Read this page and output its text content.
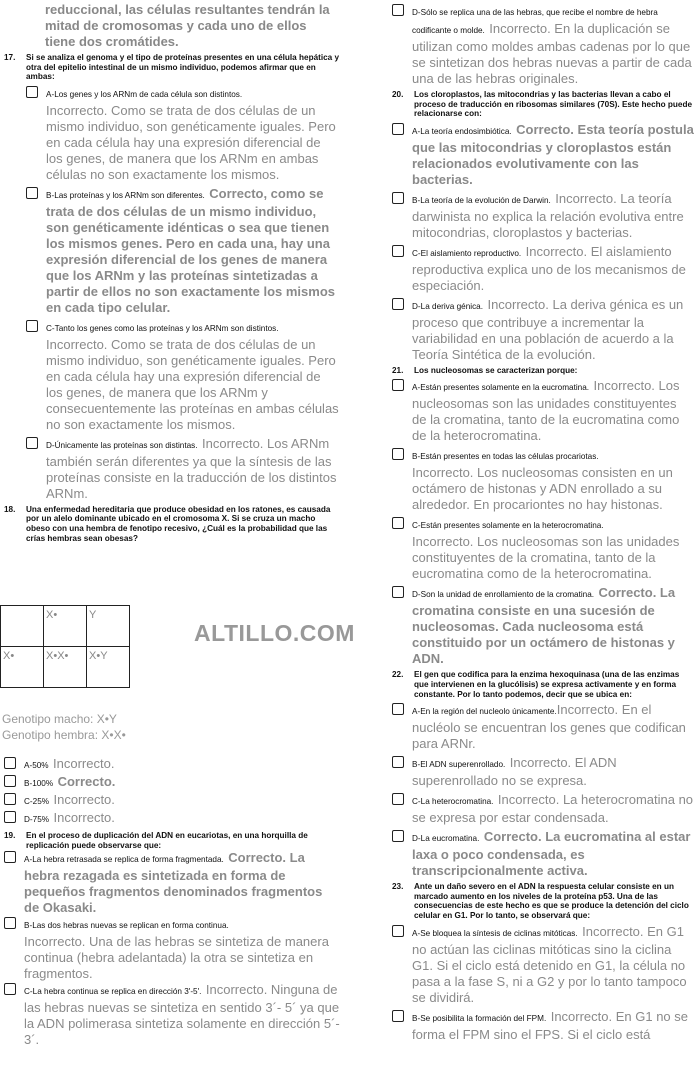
reduccional, las células resultantes tendrán la mitad de cromosomas y cada uno de ellos tiene dos cromátides.
17.	Si se analiza el genoma y el tipo de proteínas presentes en una célula hepática y otra del epitelio intestinal de un mismo individuo, podemos afirmar que en ambas:
A-Los genes y los ARNm de cada célula son distintos.
Incorrecto. Como se trata de dos células de un mismo individuo, son genéticamente iguales. Pero en cada célula hay una expresión diferencial de los genes, de manera que los ARNm en ambas células no son exactamente los mismos.
B-Las proteínas y los ARNm son diferentes. Correcto, como se trata de dos células de un mismo individuo, son genéticamente idénticas o sea que tienen los mismos genes. Pero en cada una, hay una expresión diferencial de los genes de manera que los ARNm y las proteínas sintetizadas a partir de ellos no son exactamente los mismos en cada tipo celular.
C-Tanto los genes como las proteínas y los ARNm son distintos.
Incorrecto. Como se trata de dos células de un mismo individuo, son genéticamente iguales. Pero en cada célula hay una expresión diferencial de los genes, de manera que los ARNm y consecuentemente las proteínas en ambas células no son exactamente los mismos.
D-Únicamente las proteínas son distintas. Incorrecto. Los ARNm también serán diferentes ya que la síntesis de las proteínas consiste en la traducción de los distintos ARNm.
18.	Una enfermedad hereditaria que produce obesidad en los ratones, es causada por un alelo dominante ubicado en el cromosoma X. Si se cruza un macho obeso con una hembra de fenotipo recesivo, ¿Cuál es la probabilidad que las crías hembras sean obesas?
	X•	Y
X•	X•X•	X•Y
Genotipo macho: X•Y
Genotipo hembra: X•X•
ALTILLO.COM
A-50% Incorrecto.
B-100% Correcto.
C-25% Incorrecto.
D-75% Incorrecto.
19.	En el proceso de duplicación del ADN en eucariotas, en una horquilla de replicación puede observarse que:
A-La hebra retrasada se replica de forma fragmentada. Correcto. La hebra rezagada es sintetizada en forma de pequeños fragmentos denominados fragmentos de Okasaki.
B-Las dos hebras nuevas se replican en forma continua.
Incorrecto. Una de las hebras se sintetiza de manera continua (hebra adelantada) la otra se sintetiza en fragmentos.
C-La hebra continua se replica en dirección 3'-5'. Incorrecto. Ninguna de las hebras nuevas se sintetiza en sentido 3´- 5´ ya que la ADN polimerasa sintetiza solamente en dirección 5´- 3´.
D-Sólo se replica una de las hebras, que recibe el nombre de hebra codificante o molde. Incorrecto. En la duplicación se utilizan como moldes ambas cadenas por lo que se sintetizan dos hebras nuevas a partir de cada una de las hebras originales.
20.	Los cloroplastos, las mitocondrias y las bacterias llevan a cabo el proceso de traducción en ribosomas similares (70S). Este hecho puede relacionarse con:
A-La teoría endosimbiótica. Correcto. Esta teoría postula que las mitocondrias y cloroplastos están relacionados evolutivamente con las bacterias.
B-La teoría de la evolución de Darwin. Incorrecto. La teoría darwinista no explica la relación evolutiva entre mitocondrias, cloroplastos y bacterias.
C-El aislamiento reproductivo. Incorrecto. El aislamiento reproductiva explica uno de los mecanismos de especiación.
D-La deriva génica. Incorrecto. La deriva génica es un proceso que contribuye a incrementar la variabilidad en una población de acuerdo a la Teoría Sintética de la evolución.
21.	Los nucleosomas se caracterizan porque:
A-Están presentes solamente en la eucromatina. Incorrecto. Los nucleosomas son las unidades constituyentes de la cromatina, tanto de la eucromatina como de la heterocromatina.
B-Están presentes en todas las células procariotas.
Incorrecto. Los nucleosomas consisten en un octámero de histonas y ADN enrollado a su alrededor. En procariontes no hay histonas.
C-Están presentes solamente en la heterocromatina.
Incorrecto. Los nucleosomas son las unidades constituyentes de la cromatina, tanto de la eucromatina como de la heterocromatina.
D-Son la unidad de enrollamiento de la cromatina. Correcto. La cromatina consiste en una sucesión de nucleosomas. Cada nucleosoma está constituido por un octámero de histonas y ADN.
22.	El gen que codifica para la enzima hexoquinasa (una de las enzimas que intervienen en la glucólisis) se expresa activamente y en forma constante. Por lo tanto podemos, decir que se ubica en:
A-En la región del nucleolo únicamente.Incorrecto. En el nucléolo se encuentran los genes que codifican para ARNr.
B-El ADN superenrollado. Incorrecto. El ADN superenrollado no se expresa.
C-La heterocromatina. Incorrecto. La heterocromatina no se expresa por estar condensada.
D-La eucromatina. Correcto. La eucromatina al estar laxa o poco condensada, es transcripcionalmente activa.
23.	Ante un daño severo en el ADN la respuesta celular consiste en un marcado aumento en los niveles de la proteína p53. Una de las consecuencias de este hecho es que se produce la detención del ciclo celular en G1. Por lo tanto, se observará que:
A-Se bloquea la síntesis de ciclinas mitóticas. Incorrecto. En G1 no actúan las ciclinas mitóticas sino la ciclina G1. Si el ciclo está detenido en G1, la célula no pasa a la fase S, ni a G2 y por lo tanto tampoco se dividirá.
B-Se posibilita la formación del FPM. Incorrecto. En G1 no se forma el FPM sino el FPS. Si el ciclo está
